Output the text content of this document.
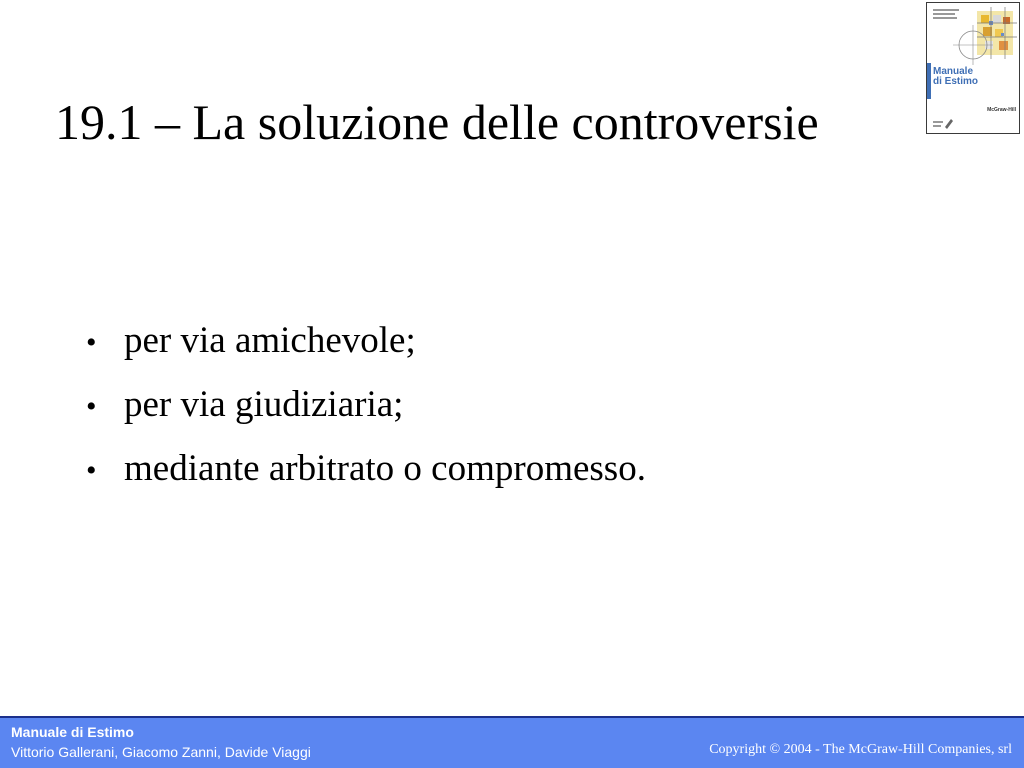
19.1 – La soluzione delle controversie
Manuale
di Estimo
McGraw-Hill
• per via amichevole;
• per via giudiziaria;
• mediante arbitrato o compromesso.
Manuale di Estimo
Vittorio Gallerani, Giacomo Zanni, Davide Viaggi	Copyright © 2004 - The McGraw-Hill Companies, srl
